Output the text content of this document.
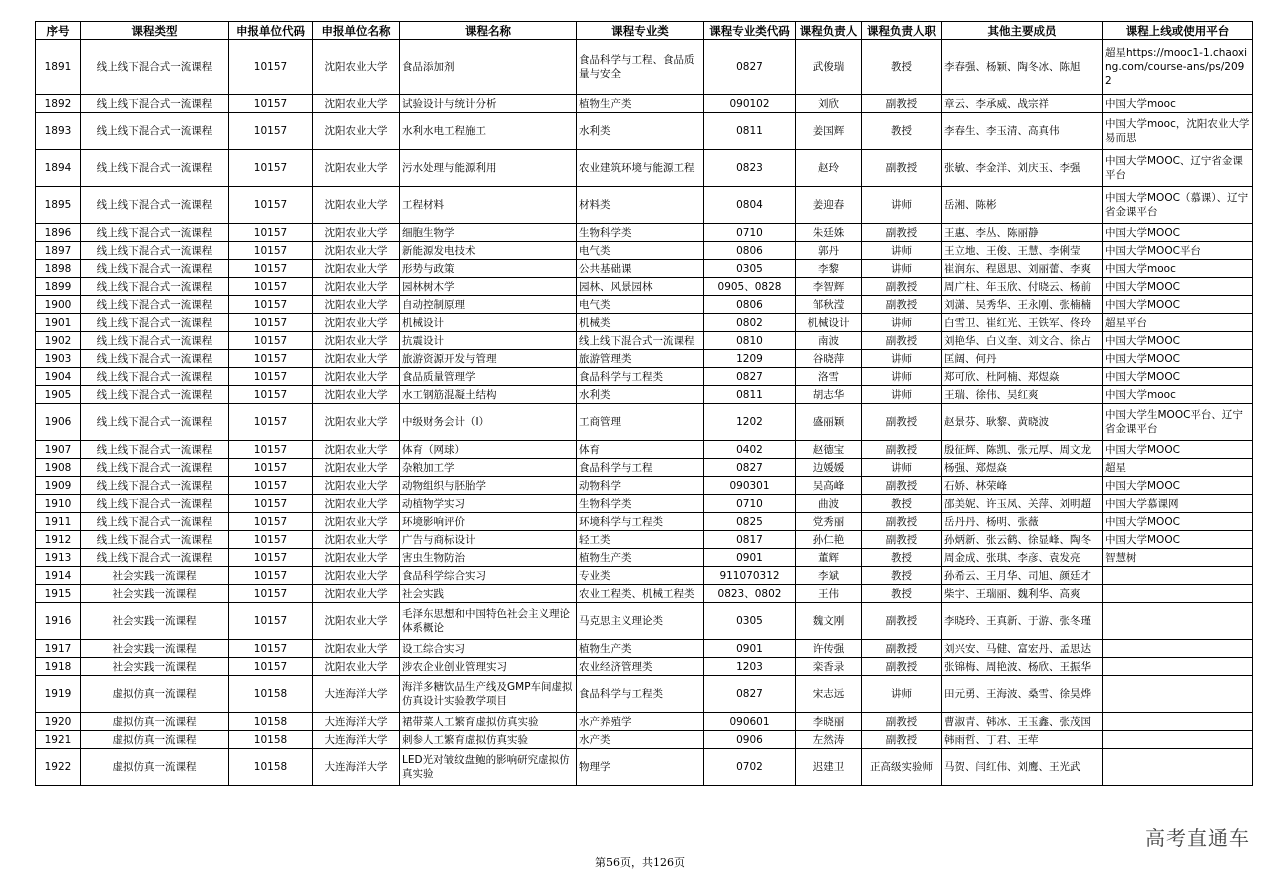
序号	课程类型	申报单位代码	申报单位名称	课程名称	课程专业类	课程专业类代码	课程负责人	课程负责人职	其他主要成员	课程上线或使用平台
1891	线上线下混合式一流课程	10157	沈阳农业大学	食品添加剂	食品科学与工程、食品质量与安全	0827	武俊瑞	教授	李春强、杨颖、陶冬冰、陈旭	超星https://mooc1-1.chaoxing.com/course-ans/ps/2092
1892	线上线下混合式一流课程	10157	沈阳农业大学	试验设计与统计分析	植物生产类	090102	刘欣	副教授	章云、李承威、战宗祥	中国大学mooc
1893	线上线下混合式一流课程	10157	沈阳农业大学	水利水电工程施工	水利类	0811	姜国辉	教授	李春生、李玉清、高真伟	中国大学mooc，沈阳农业大学易而思
1894	线上线下混合式一流课程	10157	沈阳农业大学	污水处理与能源利用	农业建筑环境与能源工程	0823	赵玲	副教授	张敏、李金洋、刘庆玉、李强	中国大学MOOC、辽宁省金课平台
1895	线上线下混合式一流课程	10157	沈阳农业大学	工程材料	材料类	0804	姜迎春	讲师	岳湘、陈彬	中国大学MOOC（慕课）、辽宁省金课平台
1896	线上线下混合式一流课程	10157	沈阳农业大学	细胞生物学	生物科学类	0710	朱廷姝	副教授	王惠、李丛、陈丽静	中国大学MOOC
1897	线上线下混合式一流课程	10157	沈阳农业大学	新能源发电技术	电气类	0806	郭丹	讲师	王立地、王俊、王慧、李俐莹	中国大学MOOC平台
1898	线上线下混合式一流课程	10157	沈阳农业大学	形势与政策	公共基础课	0305	李黎	讲师	崔润东、程恩思、刘丽蕾、李爽	中国大学mooc
1899	线上线下混合式一流课程	10157	沈阳农业大学	园林树木学	园林、风景园林	0905、0828	李智辉	副教授	周广柱、年玉欣、付晓云、杨前	中国大学MOOC
1900	线上线下混合式一流课程	10157	沈阳农业大学	自动控制原理	电气类	0806	邹秋滢	副教授	刘潇、吴秀华、王永刚、张楠楠	中国大学MOOC
1901	线上线下混合式一流课程	10157	沈阳农业大学	机械设计	机械类	0802	机械设计	讲师	白雪卫、崔红光、王铁军、佟玲	超星平台
1902	线上线下混合式一流课程	10157	沈阳农业大学	抗震设计	线上线下混合式一流课程	0810	南波	副教授	刘艳华、白义奎、刘文合、徐占	中国大学MOOC
1903	线上线下混合式一流课程	10157	沈阳农业大学	旅游资源开发与管理	旅游管理类	1209	谷晓萍	讲师	匡阔、何丹	中国大学MOOC
1904	线上线下混合式一流课程	10157	沈阳农业大学	食品质量管理学	食品科学与工程类	0827	洛雪	讲师	郑可欣、杜阿楠、郑煜焱	中国大学MOOC
1905	线上线下混合式一流课程	10157	沈阳农业大学	水工钢筋混凝土结构	水利类	0811	胡志华	讲师	王瑞、徐伟、吴红爽	中国大学mooc
1906	线上线下混合式一流课程	10157	沈阳农业大学	中级财务会计（Ⅰ）	工商管理	1202	盛丽颖	副教授	赵景芬、耿黎、黄晓波	中国大学生MOOC平台、辽宁省金课平台
1907	线上线下混合式一流课程	10157	沈阳农业大学	体育（网球）	体育	0402	赵德宝	副教授	殷征辉、陈凯、张元厚、周文龙	中国大学MOOC
1908	线上线下混合式一流课程	10157	沈阳农业大学	杂粮加工学	食品科学与工程	0827	边媛媛	讲师	杨强、郑煜焱	超星
1909	线上线下混合式一流课程	10157	沈阳农业大学	动物组织与胚胎学	动物科学	090301	吴高峰	副教授	石娇、林荣峰	中国大学MOOC
1910	线上线下混合式一流课程	10157	沈阳农业大学	动植物学实习	生物科学类	0710	曲波	教授	邵美妮、许玉凤、关萍、刘明超	中国大学慕课网
1911	线上线下混合式一流课程	10157	沈阳农业大学	环境影响评价	环境科学与工程类	0825	党秀丽	副教授	岳丹丹、杨明、张薇	中国大学MOOC
1912	线上线下混合式一流课程	10157	沈阳农业大学	广告与商标设计	轻工类	0817	孙仁艳	副教授	孙炳新、张云鹤、徐显峰、陶冬	中国大学MOOC
1913	线上线下混合式一流课程	10157	沈阳农业大学	害虫生物防治	植物生产类	0901	董辉	教授	周金成、张琪、李彦、袁发亮	智慧树
1914	社会实践一流课程	10157	沈阳农业大学	食品科学综合实习	专业类	911070312	李斌	教授	孙希云、王月华、司旭、颜廷才	
1915	社会实践一流课程	10157	沈阳农业大学	社会实践	农业工程类、机械工程类	0823、0802	王伟	教授	柴宇、王瑞丽、魏利华、高爽	
1916	社会实践一流课程	10157	沈阳农业大学	毛泽东思想和中国特色社会主义理论体系概论	马克思主义理论类	0305	魏文刚	副教授	李晓玲、王真新、于游、张冬瑾	
1917	社会实践一流课程	10157	沈阳农业大学	设工综合实习	植物生产类	0901	许传强	副教授	刘兴安、马健、富宏丹、孟思达	
1918	社会实践一流课程	10157	沈阳农业大学	涉农企业创业管理实习	农业经济管理类	1203	栾香录	副教授	张锦梅、周艳波、杨欣、王振华	
1919	虚拟仿真一流课程	10158	大连海洋大学	海洋多糖饮品生产线及GMP车间虚拟仿真设计实验教学项目	食品科学与工程类	0827	宋志远	讲师	田元勇、王海波、桑雪、徐昊烨	
1920	虚拟仿真一流课程	10158	大连海洋大学	裙带菜人工繁育虚拟仿真实验	水产养殖学	090601	李晓丽	副教授	曹淑青、韩冰、王玉鑫、张茂国	
1921	虚拟仿真一流课程	10158	大连海洋大学	刺参人工繁育虚拟仿真实验	水产类	0906	左然涛	副教授	韩雨哲、丁君、王荦	
1922	虚拟仿真一流课程	10158	大连海洋大学	LED光对皱纹盘鲍的影响研究虚拟仿真实验	物理学	0702	迟建卫	正高级实验师	马贺、闫红伟、刘鹰、王光武	
高考直通车
第56页，共126页
